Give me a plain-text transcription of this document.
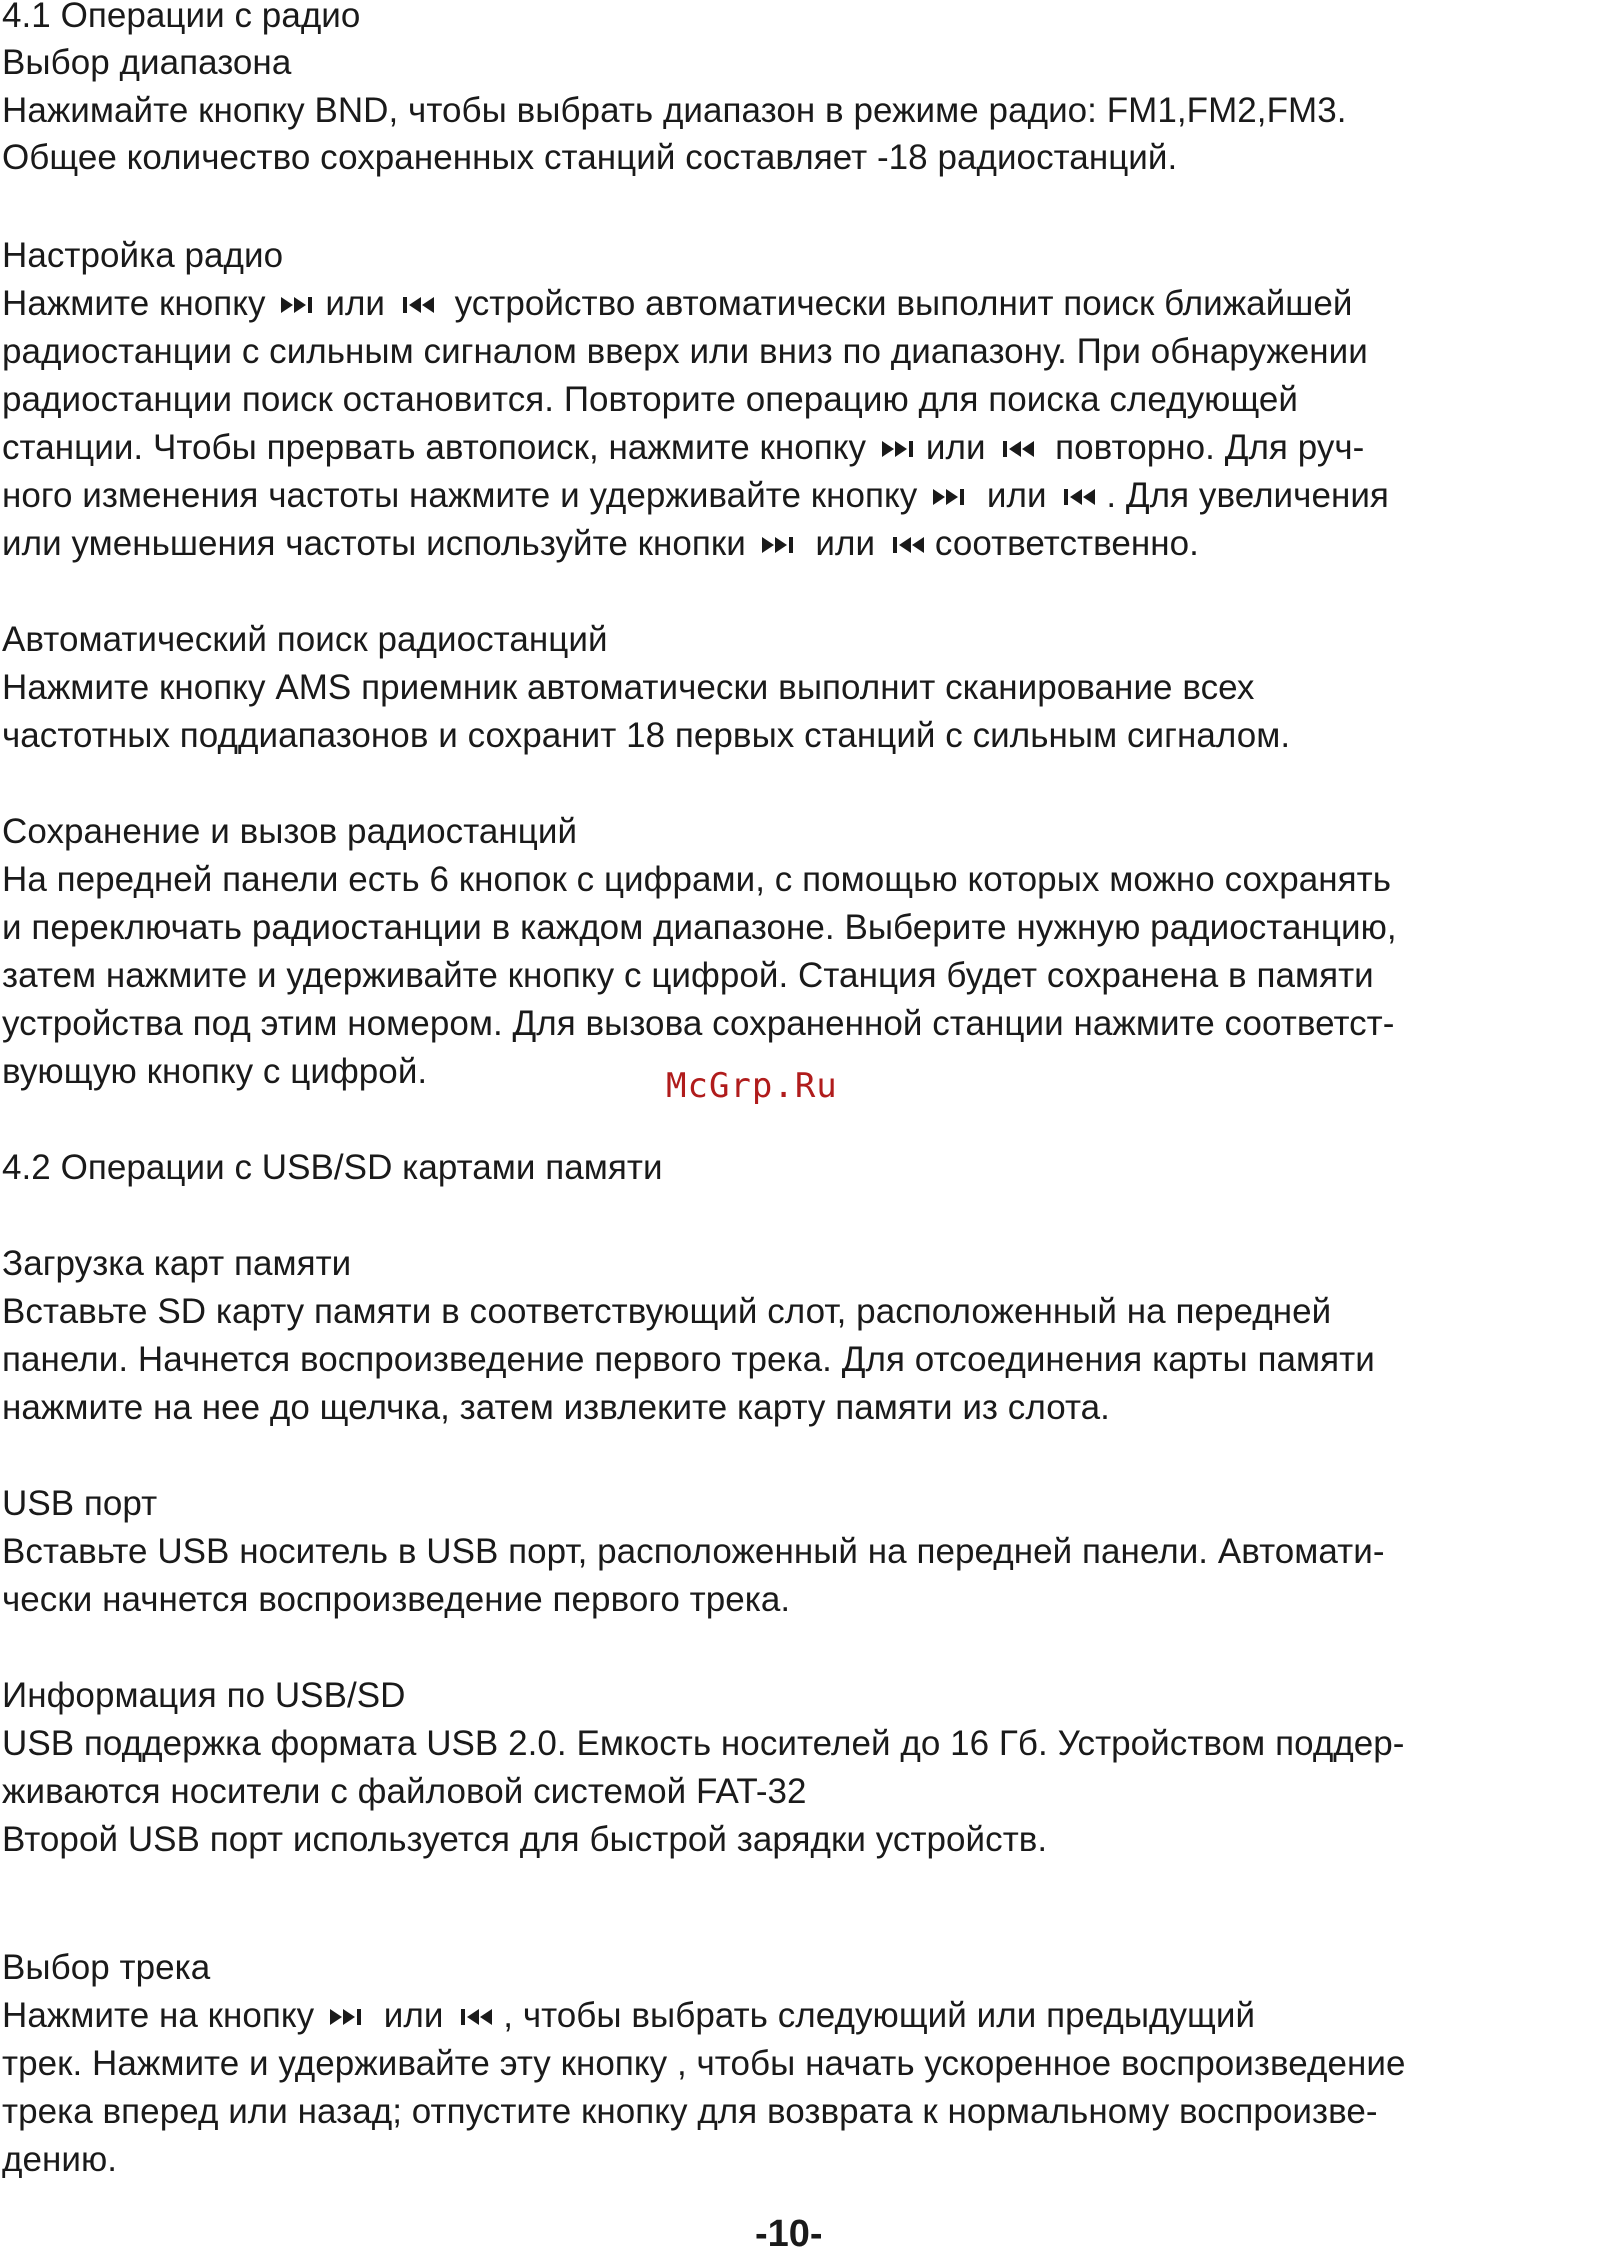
4.1 Операции с радио
Выбор диапазона
Нажимайте кнопку BND, чтобы выбрать диапазон в режиме радио: FM1,FM2,FM3.
Общее количество сохраненных станций составляет -18 радиостанций.
Настройка радио
Нажмите кнопку или устройство автоматически выполнит поиск ближайшей
радиостанции с сильным сигналом вверх или вниз по диапазону. При обнаружении
радиостанции поиск остановится. Повторите операцию для поиска следующей
станции. Чтобы прервать автопоиск, нажмите кнопку или повторно. Для руч-
ного изменения частоты нажмите и удерживайте кнопку или . Для увеличения
или уменьшения частоты используйте кнопки или соответственно.
Автоматический поиск радиостанций
Нажмите кнопку AMS приемник автоматически выполнит сканирование всех
частотных поддиапазонов и сохранит 18 первых станций с сильным сигналом.
Сохранение и вызов радиостанций
На передней панели есть 6 кнопок с цифрами, с помощью которых можно сохранять
и переключать радиостанции в каждом диапазоне. Выберите нужную радиостанцию,
затем нажмите и удерживайте кнопку с цифрой. Станция будет сохранена в памяти
устройства под этим номером. Для вызова сохраненной станции нажмите соответст-
вующую кнопку с цифрой.	McGrp.Ru
4.2 Операции с USB/SD картами памяти
Загрузка карт памяти
Вставьте SD карту памяти в соответствующий слот, расположенный на передней
панели. Начнется воспроизведение первого трека. Для отсоединения карты памяти
нажмите на нее до щелчка, затем извлеките карту памяти из слота.
USB порт
Вставьте USB носитель в USB порт, расположенный на передней панели. Автомати-
чески начнется воспроизведение первого трека.
Информация по USB/SD
USB поддержка формата USB 2.0. Емкость носителей до 16 Гб. Устройством поддер-
живаются носители с файловой системой FAT-32
Второй USB порт используется для быстрой зарядки устройств.
Выбор трека
Нажмите на кнопку или , чтобы выбрать следующий или предыдущий
трек. Нажмите и удерживайте эту кнопку , чтобы начать ускоренное воспроизведение
трека вперед или назад; отпустите кнопку для возврата к нормальному воспроизве-
дению.
-10-
